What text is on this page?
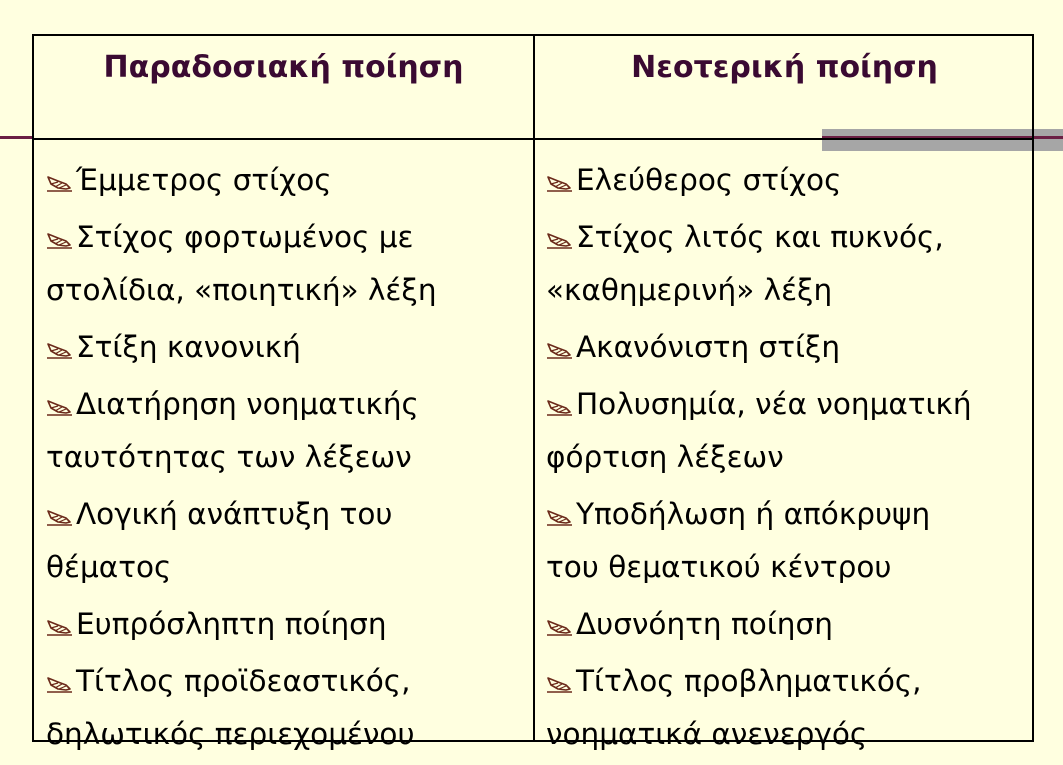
Παραδοσιακή ποίηση	Νεοτερική ποίηση
Έμμετρος στίχος
Στίχος φορτωμένος με
στολίδια, «ποιητική» λέξη
Στίξη κανονική
Διατήρηση νοηματικής
ταυτότητας των λέξεων
Λογική ανάπτυξη του
θέματος
Ευπρόσληπτη ποίηση
Τίτλος προϊδεαστικός,
δηλωτικός περιεχομένου
Ελεύθερος στίχος
Στίχος λιτός και πυκνός,
«καθημερινή» λέξη
Ακανόνιστη στίξη
Πολυσημία, νέα νοηματική
φόρτιση λέξεων
Υποδήλωση ή απόκρυψη
του θεματικού κέντρου
Δυσνόητη ποίηση
Τίτλος προβληματικός,
νοηματικά ανενεργός
